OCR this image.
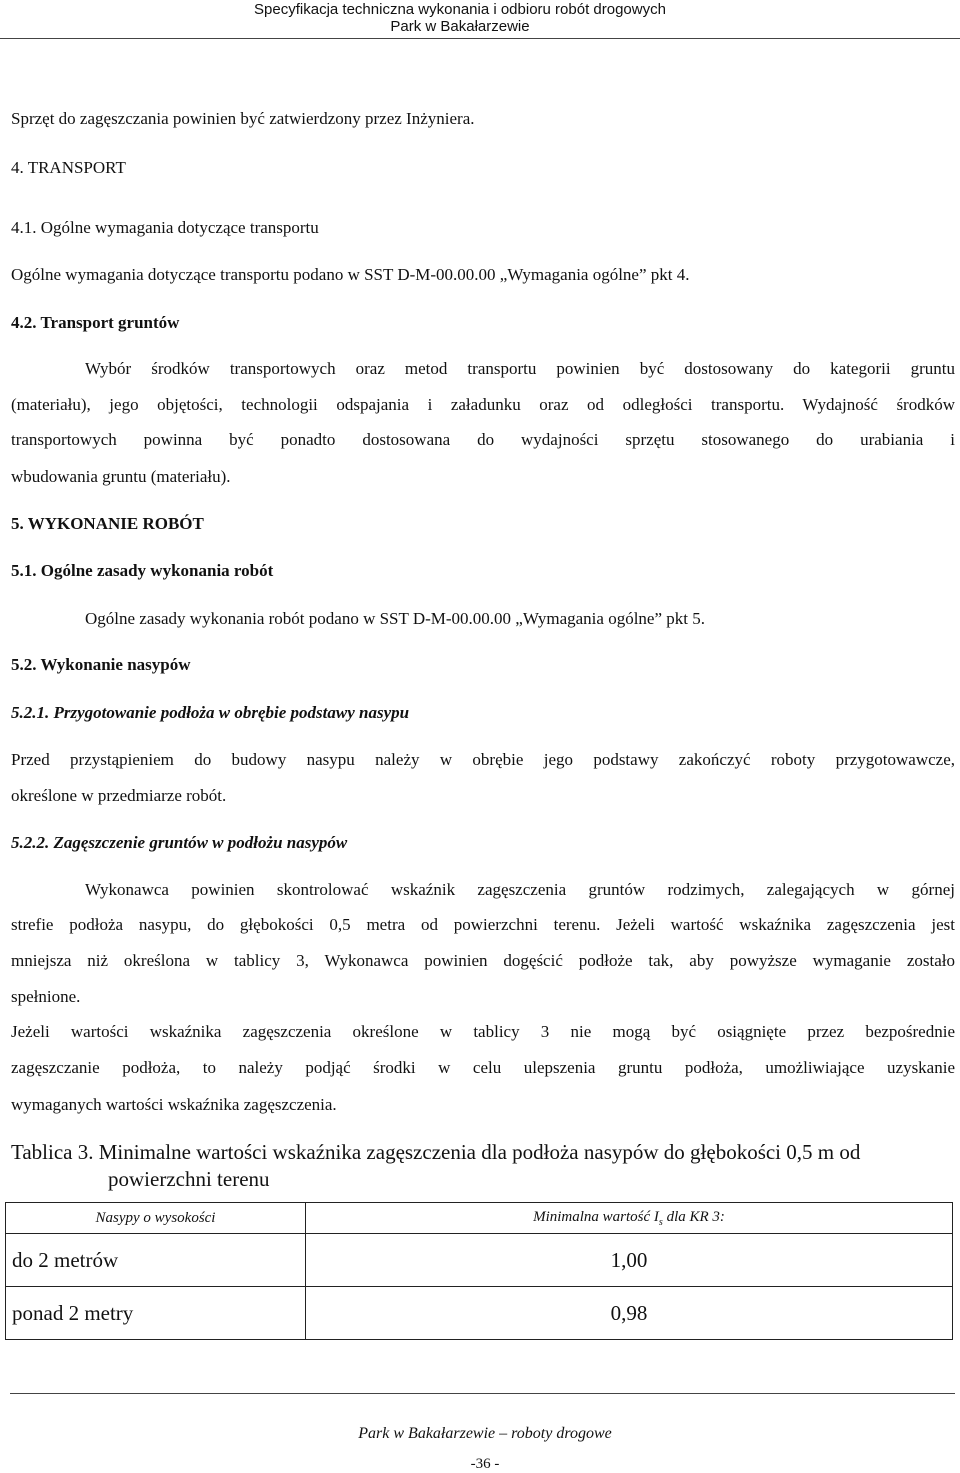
Specyfikacja techniczna wykonania i odbioru robót drogowych
Park w Bakałarzewie
Sprzęt do zagęszczania powinien być zatwierdzony przez Inżyniera.
4. TRANSPORT
4.1. Ogólne wymagania dotyczące transportu
Ogólne wymagania dotyczące transportu podano w SST D-M-00.00.00 „Wymagania ogólne” pkt 4.
4.2. Transport gruntów
Wybór środków transportowych oraz metod transportu powinien być dostosowany do kategorii gruntu
(materiału), jego objętości, technologii odspajania i załadunku oraz od odległości transportu. Wydajność środków
transportowych powinna być ponadto dostosowana do wydajności sprzętu stosowanego do urabiania i
wbudowania gruntu (materiału).
5. WYKONANIE ROBÓT
5.1. Ogólne zasady wykonania robót
Ogólne zasady wykonania robót podano w SST D-M-00.00.00 „Wymagania ogólne” pkt 5.
5.2. Wykonanie nasypów
5.2.1. Przygotowanie podłoża w obrębie podstawy nasypu
Przed przystąpieniem do budowy nasypu należy w obrębie jego podstawy zakończyć roboty przygotowawcze,
określone w przedmiarze robót.
5.2.2. Zagęszczenie gruntów w podłożu nasypów
Wykonawca powinien skontrolować wskaźnik zagęszczenia gruntów rodzimych, zalegających w górnej
strefie podłoża nasypu, do głębokości 0,5 metra od powierzchni terenu. Jeżeli wartość wskaźnika zagęszczenia jest
mniejsza niż określona w tablicy 3, Wykonawca powinien dogęścić podłoże tak, aby powyższe wymaganie zostało
spełnione.
Jeżeli wartości wskaźnika zagęszczenia określone w tablicy 3 nie mogą być osiągnięte przez bezpośrednie
zagęszczanie podłoża, to należy podjąć środki w celu ulepszenia gruntu podłoża, umożliwiające uzyskanie
wymaganych wartości wskaźnika zagęszczenia.
Tablica 3. Minimalne wartości wskaźnika zagęszczenia dla podłoża nasypów do głębokości 0,5 m od
powierzchni terenu
Nasypy o wysokości	Minimalna wartość $I_s$ dla KR 3:
do 2 metrów	1,00
ponad 2 metry	0,98
Park w Bakałarzewie – roboty drogowe
-36 -
